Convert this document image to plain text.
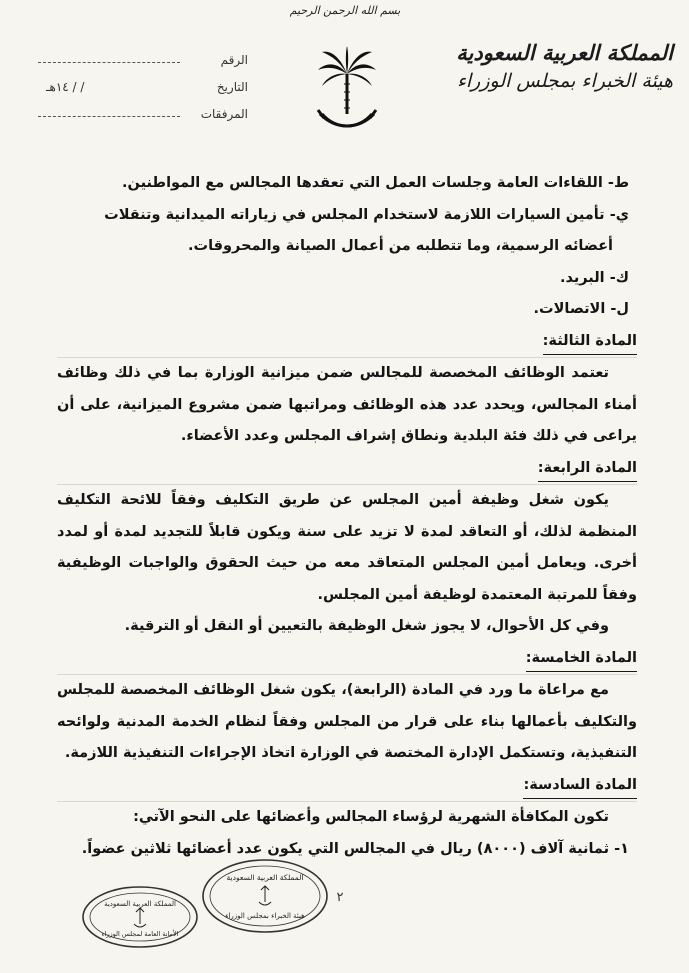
بسم الله الرحمن الرحيم
المملكة العربية السعودية
هيئة الخبراء بمجلس الوزراء
الرقم
التاريخ
/ / ١٤هـ
المرفقات

ط- اللقاءات العامة وجلسات العمل التي تعقدها المجالس مع المواطنين.

ي- تأمين السيارات اللازمة لاستخدام المجلس في زياراته الميدانية وتنقلات

أعضائه الرسمية، وما تتطلبه من أعمال الصيانة والمحروقات.

ك- البريد.

ل- الاتصالات.

المادة الثالثة:

تعتمد الوظائف المخصصة للمجالس ضمن ميزانية الوزارة بما في ذلك وظائف أمناء المجالس، ويحدد عدد هذه الوظائف ومراتبها ضمن مشروع الميزانية، على أن يراعى في ذلك فئة البلدية ونطاق إشراف المجلس وعدد الأعضاء.

المادة الرابعة:

يكون شغل وظيفة أمين المجلس عن طريق التكليف وفقاً للائحة التكليف المنظمة لذلك، أو التعاقد لمدة لا تزيد على سنة ويكون قابلاً للتجديد لمدة أو لمدد أخرى. ويعامل أمين المجلس المتعاقد معه من حيث الحقوق والواجبات الوظيفية وفقاً للمرتبة المعتمدة لوظيفة أمين المجلس.

وفي كل الأحوال، لا يجوز شغل الوظيفة بالتعيين أو النقل أو الترقية.

المادة الخامسة:

مع مراعاة ما ورد في المادة (الرابعة)، يكون شغل الوظائف المخصصة للمجلس والتكليف بأعمالها بناء على قرار من المجلس وفقاً لنظام الخدمة المدنية ولوائحه التنفيذية، وتستكمل الإدارة المختصة في الوزارة اتخاذ الإجراءات التنفيذية اللازمة.

المادة السادسة:

تكون المكافأة الشهرية لرؤساء المجالس وأعضائها على النحو الآتي:

١- ثمانية آلاف (٨٠٠٠) ريال في المجالس التي يكون عدد أعضائها ثلاثين عضواً.

٢
المملكة العربية السعودية
الأمانة العامة لمجلس الوزراء
المملكة العربية السعودية
هيئة الخبراء بمجلس الوزراء
